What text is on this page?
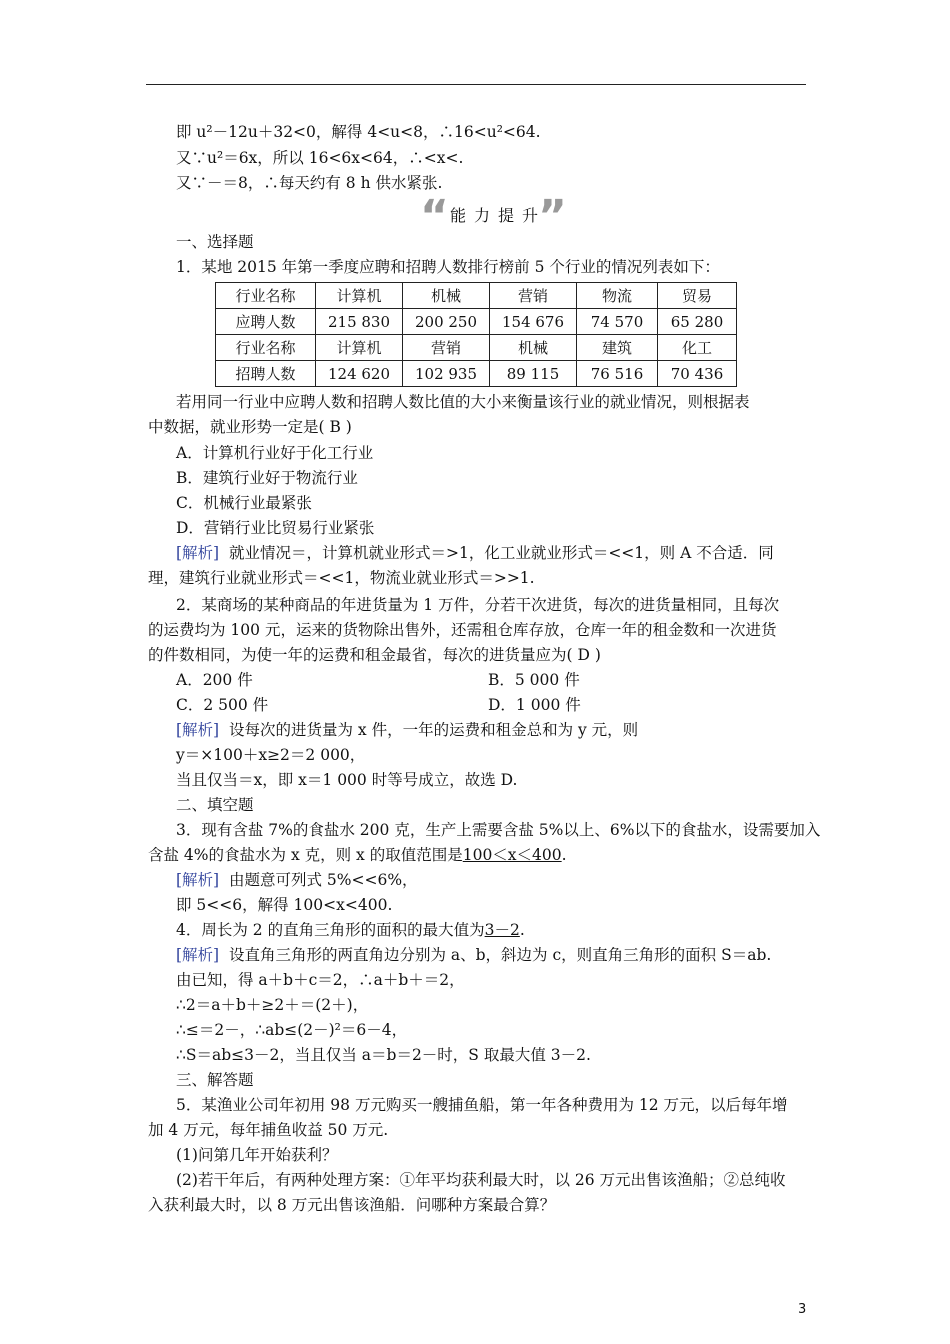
即 u²－12u＋32<0，解得 4<u<8，∴16<u²<64.
又∵u²＝6x，所以 16<6x<64，∴<x<.
又∵－＝8，∴每天约有 8 h 供水紧张.
“ 能力提升
”
一、选择题
1．某地 2015 年第一季度应聘和招聘人数排行榜前 5 个行业的情况列表如下：
行业名称	计算机	机械	营销	物流	贸易
应聘人数	215 830	200 250	154 676	74 570	65 280
行业名称	计算机	营销	机械	建筑	化工
招聘人数	124 620	102 935	89 115	76 516	70 436
若用同一行业中应聘人数和招聘人数比值的大小来衡量该行业的就业情况，则根据表
中数据，就业形势一定是( B )
A．计算机行业好于化工行业
B．建筑行业好于物流行业
C．机械行业最紧张
D．营销行业比贸易行业紧张
[解析] 就业情况＝，计算机就业形式＝>1，化工业就业形式＝<<1，则 A 不合适．同
理，建筑行业就业形式＝<<1，物流业就业形式＝>>1.
2．某商场的某种商品的年进货量为 1 万件，分若干次进货，每次的进货量相同，且每次
的运费均为 100 元，运来的货物除出售外，还需租仓库存放，仓库一年的租金数和一次进货
的件数相同，为使一年的运费和租金最省，每次的进货量应为( D )
A．200 件	B．5 000 件
C．2 500 件	D．1 000 件
[解析] 设每次的进货量为 x 件，一年的运费和租金总和为 y 元，则
y＝×100＋x≥2＝2 000，
当且仅当＝x，即 x＝1 000 时等号成立，故选 D.
二、填空题
3．现有含盐 7%的食盐水 200 克，生产上需要含盐 5%以上、6%以下的食盐水，设需要加入
含盐 4%的食盐水为 x 克，则 x 的取值范围是100＜x＜400.
[解析] 由题意可列式 5%<<6%，
即 5<<6，解得 100<x<400.
4．周长为 2 的直角三角形的面积的最大值为3－2.
[解析] 设直角三角形的两直角边分别为 a、b，斜边为 c，则直角三角形的面积 S＝ab.
由已知，得 a＋b＋c＝2，∴a＋b＋＝2，
∴2＝a＋b＋≥2＋＝(2＋)，
∴≤＝2－，∴ab≤(2－)²＝6－4，
∴S＝ab≤3－2，当且仅当 a＝b＝2－时，S 取最大值 3－2.
三、解答题
5．某渔业公司年初用 98 万元购买一艘捕鱼船，第一年各种费用为 12 万元，以后每年增
加 4 万元，每年捕鱼收益 50 万元.
(1)问第几年开始获利？
(2)若干年后，有两种处理方案：①年平均获利最大时，以 26 万元出售该渔船；②总纯收
入获利最大时，以 8 万元出售该渔船．问哪种方案最合算？
3
